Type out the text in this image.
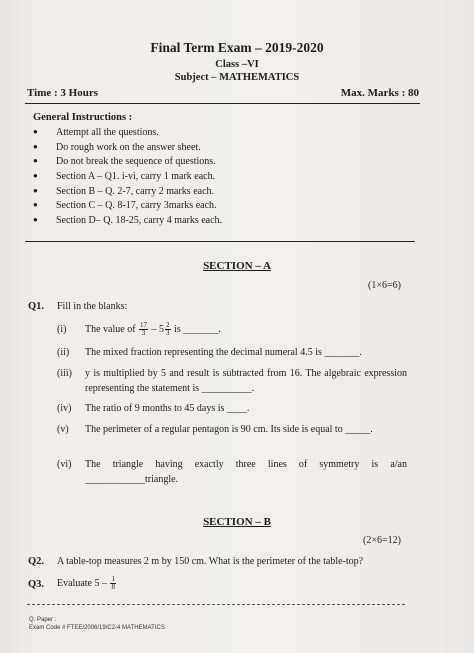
Final Term Exam – 2019-2020
Class –VI
Subject – MATHEMATICS
Time : 3 Hours	Max. Marks : 80
General Instructions :
● Attempt all the questions.
● Do rough work on the answer sheet.
● Do not break the sequence of questions.
● Section A – Q1. i-vi, carry 1 mark each.
● Section B – Q. 2-7, carry 2 marks each.
● Section C – Q. 8-17, carry 3marks each.
● Section D– Q. 18-25, carry 4 marks each.
SECTION – A
(1×6=6)
Q1. Fill in the blanks:
(i)	The value of $\frac{17}{3} - 5 \frac{2}{3}$ is _______.
(ii)	The mixed fraction representing the decimal numeral 4.5 is _______.
(iii)	y is multiplied by 5 and result is subtracted from 16. The algebraic expression representing the statement is __________.
(iv)	The ratio of 9 months to 45 days is ____.
(v)	The perimeter of a regular pentagon is 90 cm. Its side is equal to _____.
(vi)	The triangle having exactly three lines of symmetry is a/an ____________triangle.
SECTION – B
(2×6=12)
Q2. A table-top measures 2 m by 150 cm. What is the perimeter of the table-top?
Q3. Evaluate $5 - \frac{1}{8}$
Q. Paper :
Exam Code # FTEE/2006/19/C2-4 MATHEMATICS
